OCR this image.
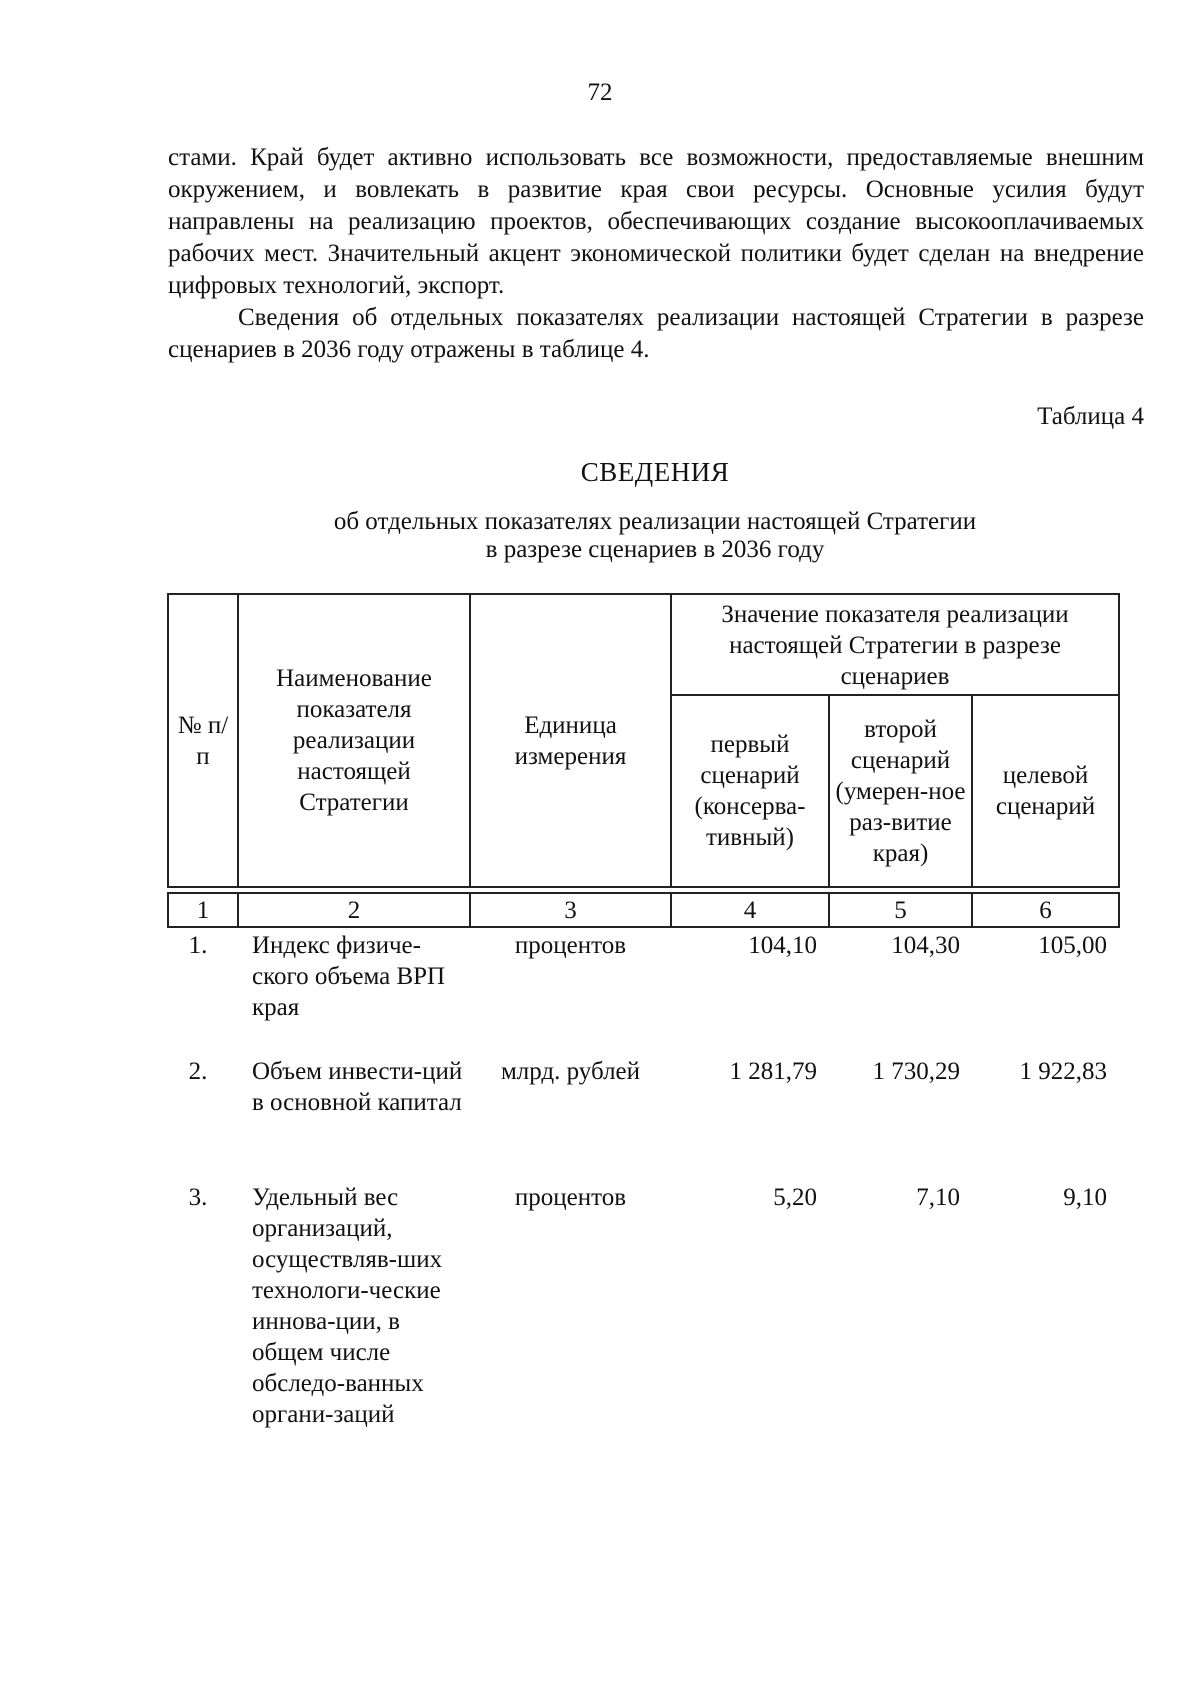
72

стами. Край будет активно использовать все возможности, предоставляемые внешним окружением, и вовлекать в развитие края свои ресурсы. Основные усилия будут направлены на реализацию проектов, обеспечивающих создание высокооплачиваемых рабочих мест. Значительный акцент экономической политики будет сделан на внедрение цифровых технологий, экспорт.

Сведения об отдельных показателях реализации настоящей Стратегии в разрезе сценариев в 2036 году отражены в таблице 4.

Таблица 4
СВЕДЕНИЯ
об отдельных показателях реализации настоящей Стратегии
в разрезе сценариев в 2036 году
№ п/п	Наименование показателя реализации настоящей Стратегии	Единица измерения	Значение показателя реализации настоящей Стратегии в разрезе сценариев		
			первый сценарий (консерва-тивный)	второй сценарий (умерен-ное раз-витие края)	целевой сценарий

1	2	3	4	5	6
1.	Индекс физиче-ского объема ВРП края	процентов	104,10	104,30	105,00
2.	Объем инвести-ций в основной капитал	млрд. рублей	1 281,79	1 730,29	1 922,83
3.	Удельный вес организаций, осуществляв-ших технологи-ческие иннова-ции, в общем числе обследо-ванных органи-заций	процентов	5,20	7,10	9,10
